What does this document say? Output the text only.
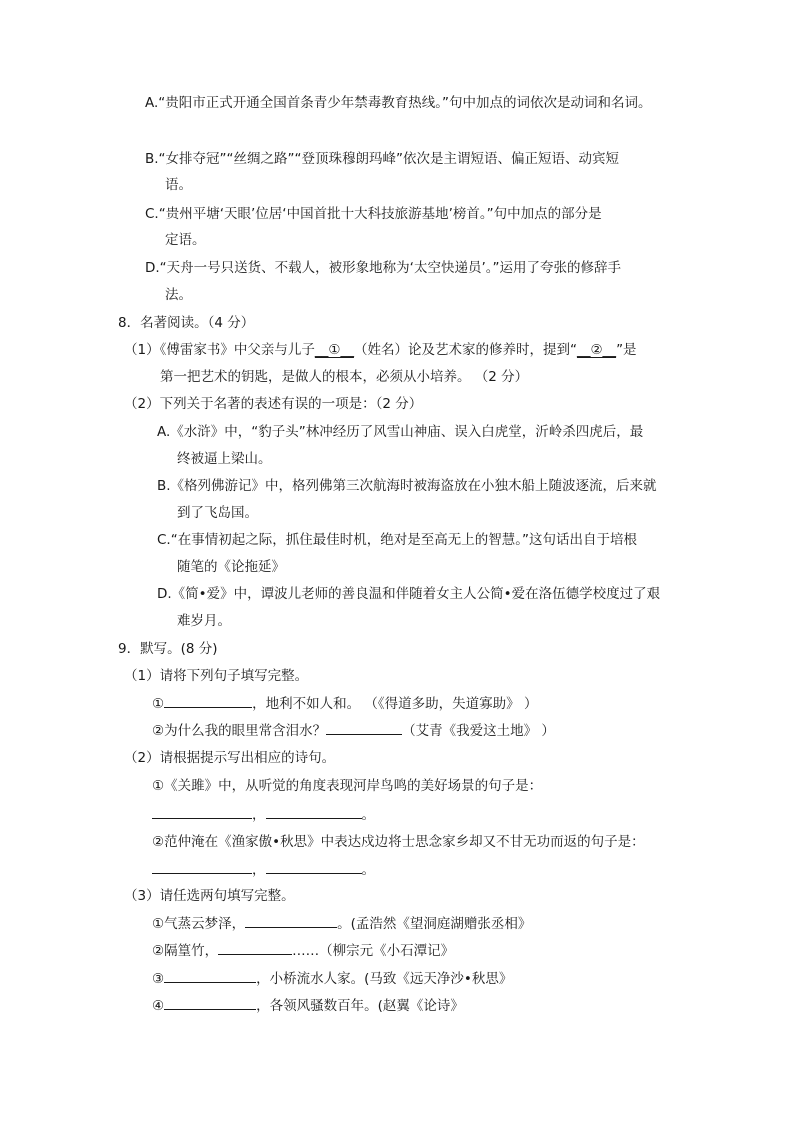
A.“贵阳市正式开通全国首条青少年禁毒教育热线。”句中加点的词依次是动词和名词。
B.“女排夺冠”“丝绸之路”“登顶珠穆朗玛峰”依次是主谓短语、偏正短语、动宾短
语。
C.“贵州平塘‘天眼’位居‘中国首批十大科技旅游基地’榜首。”句中加点的部分是
定语。
D.“天舟一号只送货、不载人，被形象地称为‘太空快递员’。”运用了夸张的修辞手
法。
8．名著阅读。（4 分）
（1）《傅雷家书》中父亲与儿子__①__（姓名）论及艺术家的修养时，提到“__②__”是
第一把艺术的钥匙，是做人的根本，必须从小培养。 （2 分）
（2）下列关于名著的表述有误的一项是：（2 分）
A.《水浒》中，“豹子头”林冲经历了风雪山神庙、误入白虎堂，沂岭杀四虎后，最
终被逼上梁山。
B.《格列佛游记》中，格列佛第三次航海时被海盗放在小独木船上随波逐流，后来就
到了飞岛国。
C.“在事情初起之际，抓住最佳时机，绝对是至高无上的智慧。”这句话出自于培根
随笔的《论拖延》
D.《简•爱》中，谭波儿老师的善良温和伴随着女主人公简•爱在洛伍德学校度过了艰
难岁月。
9．默写。(8 分)
（1）请将下列句子填写完整。
①	，地利不如人和。 （《得道多助，失道寡助》 ）
②为什么我的眼里常含泪水？	（艾青《我爱这土地》 ）
（2）请根据提示写出相应的诗句。
①《关雎》中，从听觉的角度表现河岸鸟鸣的美好场景的句子是：
，	。
②范仲淹在《渔家傲•秋思》中表达戍边将士思念家乡却又不甘无功而返的句子是：
，	。
（3）请任选两句填写完整。
①气蒸云梦泽，	。(孟浩然《望洞庭湖赠张丞相》
②隔篁竹，	……（柳宗元《小石潭记》
③	，小桥流水人家。(马致《远天净沙•秋思》
④	，各领风骚数百年。(赵翼《论诗》
